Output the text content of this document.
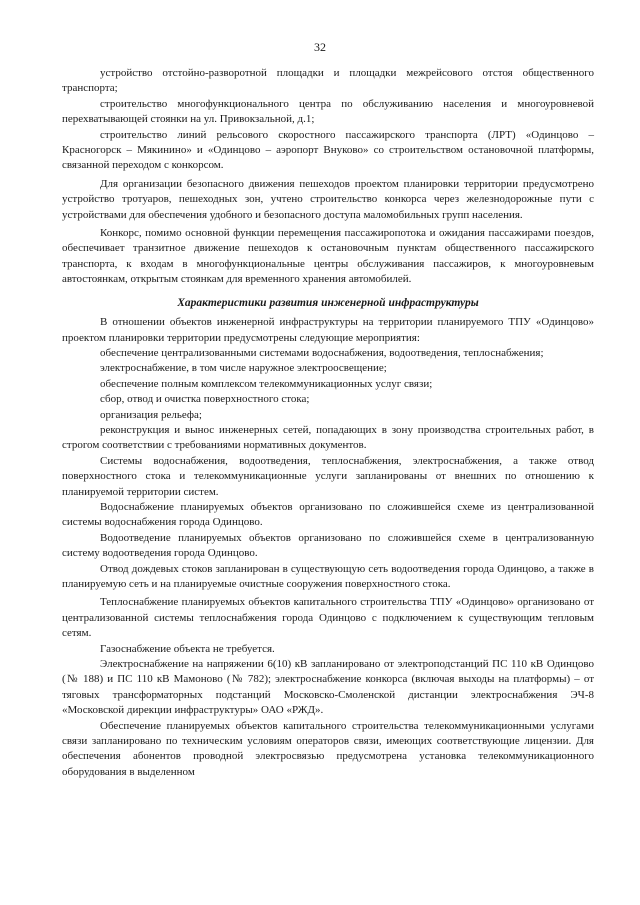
32

устройство отстойно-разворотной площадки и площадки межрейсового отстоя общественного транспорта;

строительство многофункционального центра по обслуживанию населения и многоуровневой перехватывающей стоянки на ул. Привокзальной, д.1;

строительство линий рельсового скоростного пассажирского транспорта (ЛРТ) «Одинцово – Красногорск – Мякинино» и «Одинцово – аэропорт Внуково» со строительством остановочной платформы, связанной переходом с конкорсом.

Для организации безопасного движения пешеходов проектом планировки территории предусмотрено устройство тротуаров, пешеходных зон, учтено строительство конкорса через железнодорожные пути с устройствами для обеспечения удобного и безопасного доступа маломобильных групп населения.

Конкорс, помимо основной функции перемещения пассажиропотока и ожидания пассажирами поездов, обеспечивает транзитное движение пешеходов к остановочным пунктам общественного пассажирского транспорта, к входам в многофункциональные центры обслуживания пассажиров, к многоуровневым автостоянкам, открытым стоянкам для временного хранения автомобилей.

Характеристики развития инженерной инфраструктуры

В отношении объектов инженерной инфраструктуры на территории планируемого ТПУ «Одинцово» проектом планировки территории предусмотрены следующие мероприятия:

обеспечение централизованными системами водоснабжения, водоотведения, теплоснабжения;

электроснабжение, в том числе наружное электроосвещение;

обеспечение полным комплексом телекоммуникационных услуг связи;

сбор, отвод и очистка поверхностного стока;

организация рельефа;

реконструкция и вынос инженерных сетей, попадающих в зону производства строительных работ, в строгом соответствии с требованиями нормативных документов.

Системы водоснабжения, водоотведения, теплоснабжения, электроснабжения, а также отвод поверхностного стока и телекоммуникационные услуги запланированы от внешних по отношению к планируемой территории систем.

Водоснабжение планируемых объектов организовано по сложившейся схеме из централизованной системы водоснабжения города Одинцово.

Водоотведение планируемых объектов организовано по сложившейся схеме в централизованную систему водоотведения города Одинцово.

Отвод дождевых стоков запланирован в существующую сеть водоотведения города Одинцово, а также в планируемую сеть и на планируемые очистные сооружения поверхностного стока.

Теплоснабжение планируемых объектов капитального строительства ТПУ «Одинцово» организовано от централизованной системы теплоснабжения города Одинцово с подключением к существующим тепловым сетям.

Газоснабжение объекта не требуется.

Электроснабжение на напряжении 6(10) кВ запланировано от электроподстанций ПС 110 кВ Одинцово (№ 188) и ПС 110 кВ Мамоново (№ 782); электроснабжение конкорса (включая выходы на платформы) – от тяговых трансформаторных подстанций Московско-Смоленской дистанции электроснабжения ЭЧ-8 «Московской дирекции инфраструктуры» ОАО «РЖД».

Обеспечение планируемых объектов капитального строительства телекоммуникационными услугами связи запланировано по техническим условиям операторов связи, имеющих соответствующие лицензии. Для обеспечения абонентов проводной электросвязью предусмотрена установка телекоммуникационного оборудования в выделенном
